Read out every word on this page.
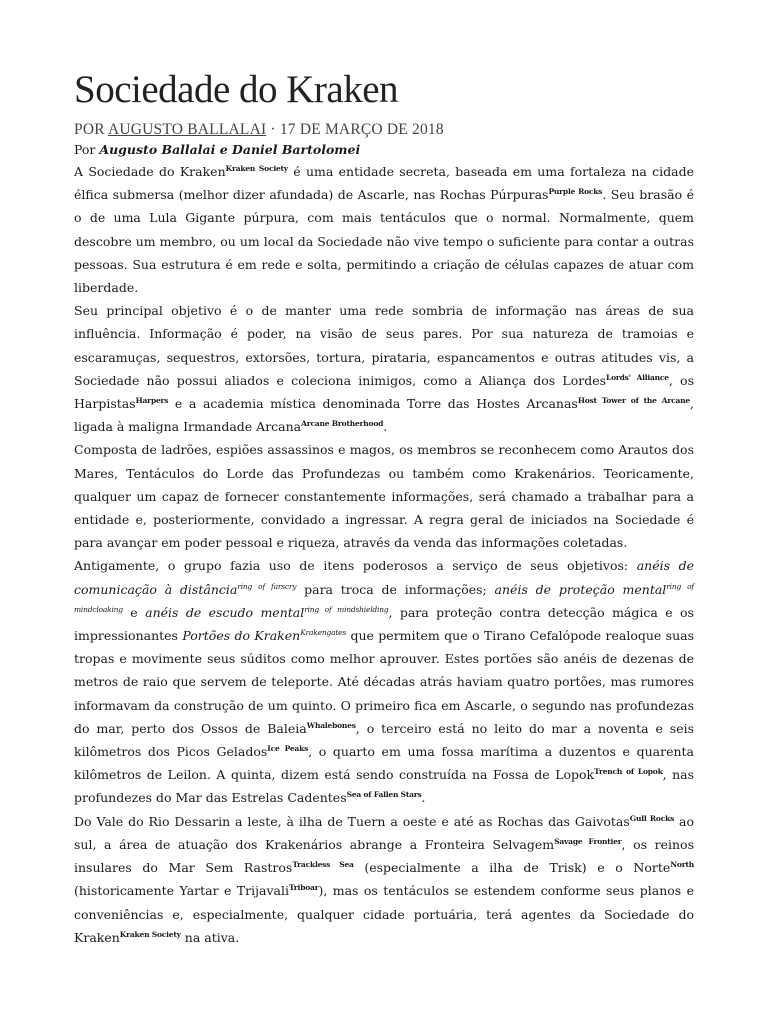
Sociedade do Kraken
POR AUGUSTO BALLALAI · 17 DE MARÇO DE 2018
Por Augusto Ballalai e Daniel Bartolomei

A Sociedade do Kraken$^{Kraken Society}$ é uma entidade secreta, baseada em uma fortaleza na cidade élfica submersa (melhor dizer afundada) de Ascarle, nas Rochas Púrpuras$^{Purple Rocks}$. Seu brasão é o de uma Lula Gigante púrpura, com mais tentáculos que o normal. Normalmente, quem descobre um membro, ou um local da Sociedade não vive tempo o suficiente para contar a outras pessoas. Sua estrutura é em rede e solta, permitindo a criação de células capazes de atuar com liberdade.

Seu principal objetivo é o de manter uma rede sombria de informação nas áreas de sua influência. Informação é poder, na visão de seus pares. Por sua natureza de tramoias e escaramuças, sequestros, extorsões, tortura, pirataria, espancamentos e outras atitudes vis, a Sociedade não possui aliados e coleciona inimigos, como a Aliança dos Lordes$^{Lords' Alliance}$, os Harpistas$^{Harpers}$ e a academia mística denominada Torre das Hostes Arcanas$^{Host Tower of the Arcane}$, ligada à maligna Irmandade Arcana$^{Arcane Brotherhood}$.

Composta de ladrões, espiões assassinos e magos, os membros se reconhecem como Arautos dos Mares, Tentáculos do Lorde das Profundezas ou também como Krakenários. Teoricamente, qualquer um capaz de fornecer constantemente informações, será chamado a trabalhar para a entidade e, posteriormente, convidado a ingressar. A regra geral de iniciados na Sociedade é para avançar em poder pessoal e riqueza, através da venda das informações coletadas.

Antigamente, o grupo fazia uso de itens poderosos a serviço de seus objetivos: anéis de comunicação à distância$^{ring of farscry}$ para troca de informações; anéis de proteção mental$^{ring of mindcloaking}$ e anéis de escudo mental$^{ring of mindshielding}$, para proteção contra detecção mágica e os impressionantes Portões do Kraken$^{Krakengates}$ que permitem que o Tirano Cefalópode realoque suas tropas e movimente seus súditos como melhor aprouver. Estes portões são anéis de dezenas de metros de raio que servem de teleporte. Até décadas atrás haviam quatro portões, mas rumores informavam da construção de um quinto. O primeiro fica em Ascarle, o segundo nas profundezas do mar, perto dos Ossos de Baleia$^{Whalebones}$, o terceiro está no leito do mar a noventa e seis kilômetros dos Picos Gelados$^{Ice Peaks}$, o quarto em uma fossa marítima a duzentos e quarenta kilômetros de Leilon. A quinta, dizem está sendo construída na Fossa de Lopok$^{Trench of Lopok}$, nas profundezes do Mar das Estrelas Cadentes$^{Sea of Fallen Stars}$.

Do Vale do Rio Dessarin a leste, à ilha de Tuern a oeste e até as Rochas das Gaivotas$^{Gull Rocks}$ ao sul, a área de atuação dos Krakenários abrange a Fronteira Selvagem$^{Savage Frontier}$, os reinos insulares do Mar Sem Rastros$^{Trackless Sea}$ (especialmente a ilha de Trisk) e o Norte$^{North}$ (historicamente Yartar e Trijavali$^{Triboar}$), mas os tentáculos se estendem conforme seus planos e conveniências e, especialmente, qualquer cidade portuária, terá agentes da Sociedade do Kraken$^{Kraken Society}$ na ativa.
